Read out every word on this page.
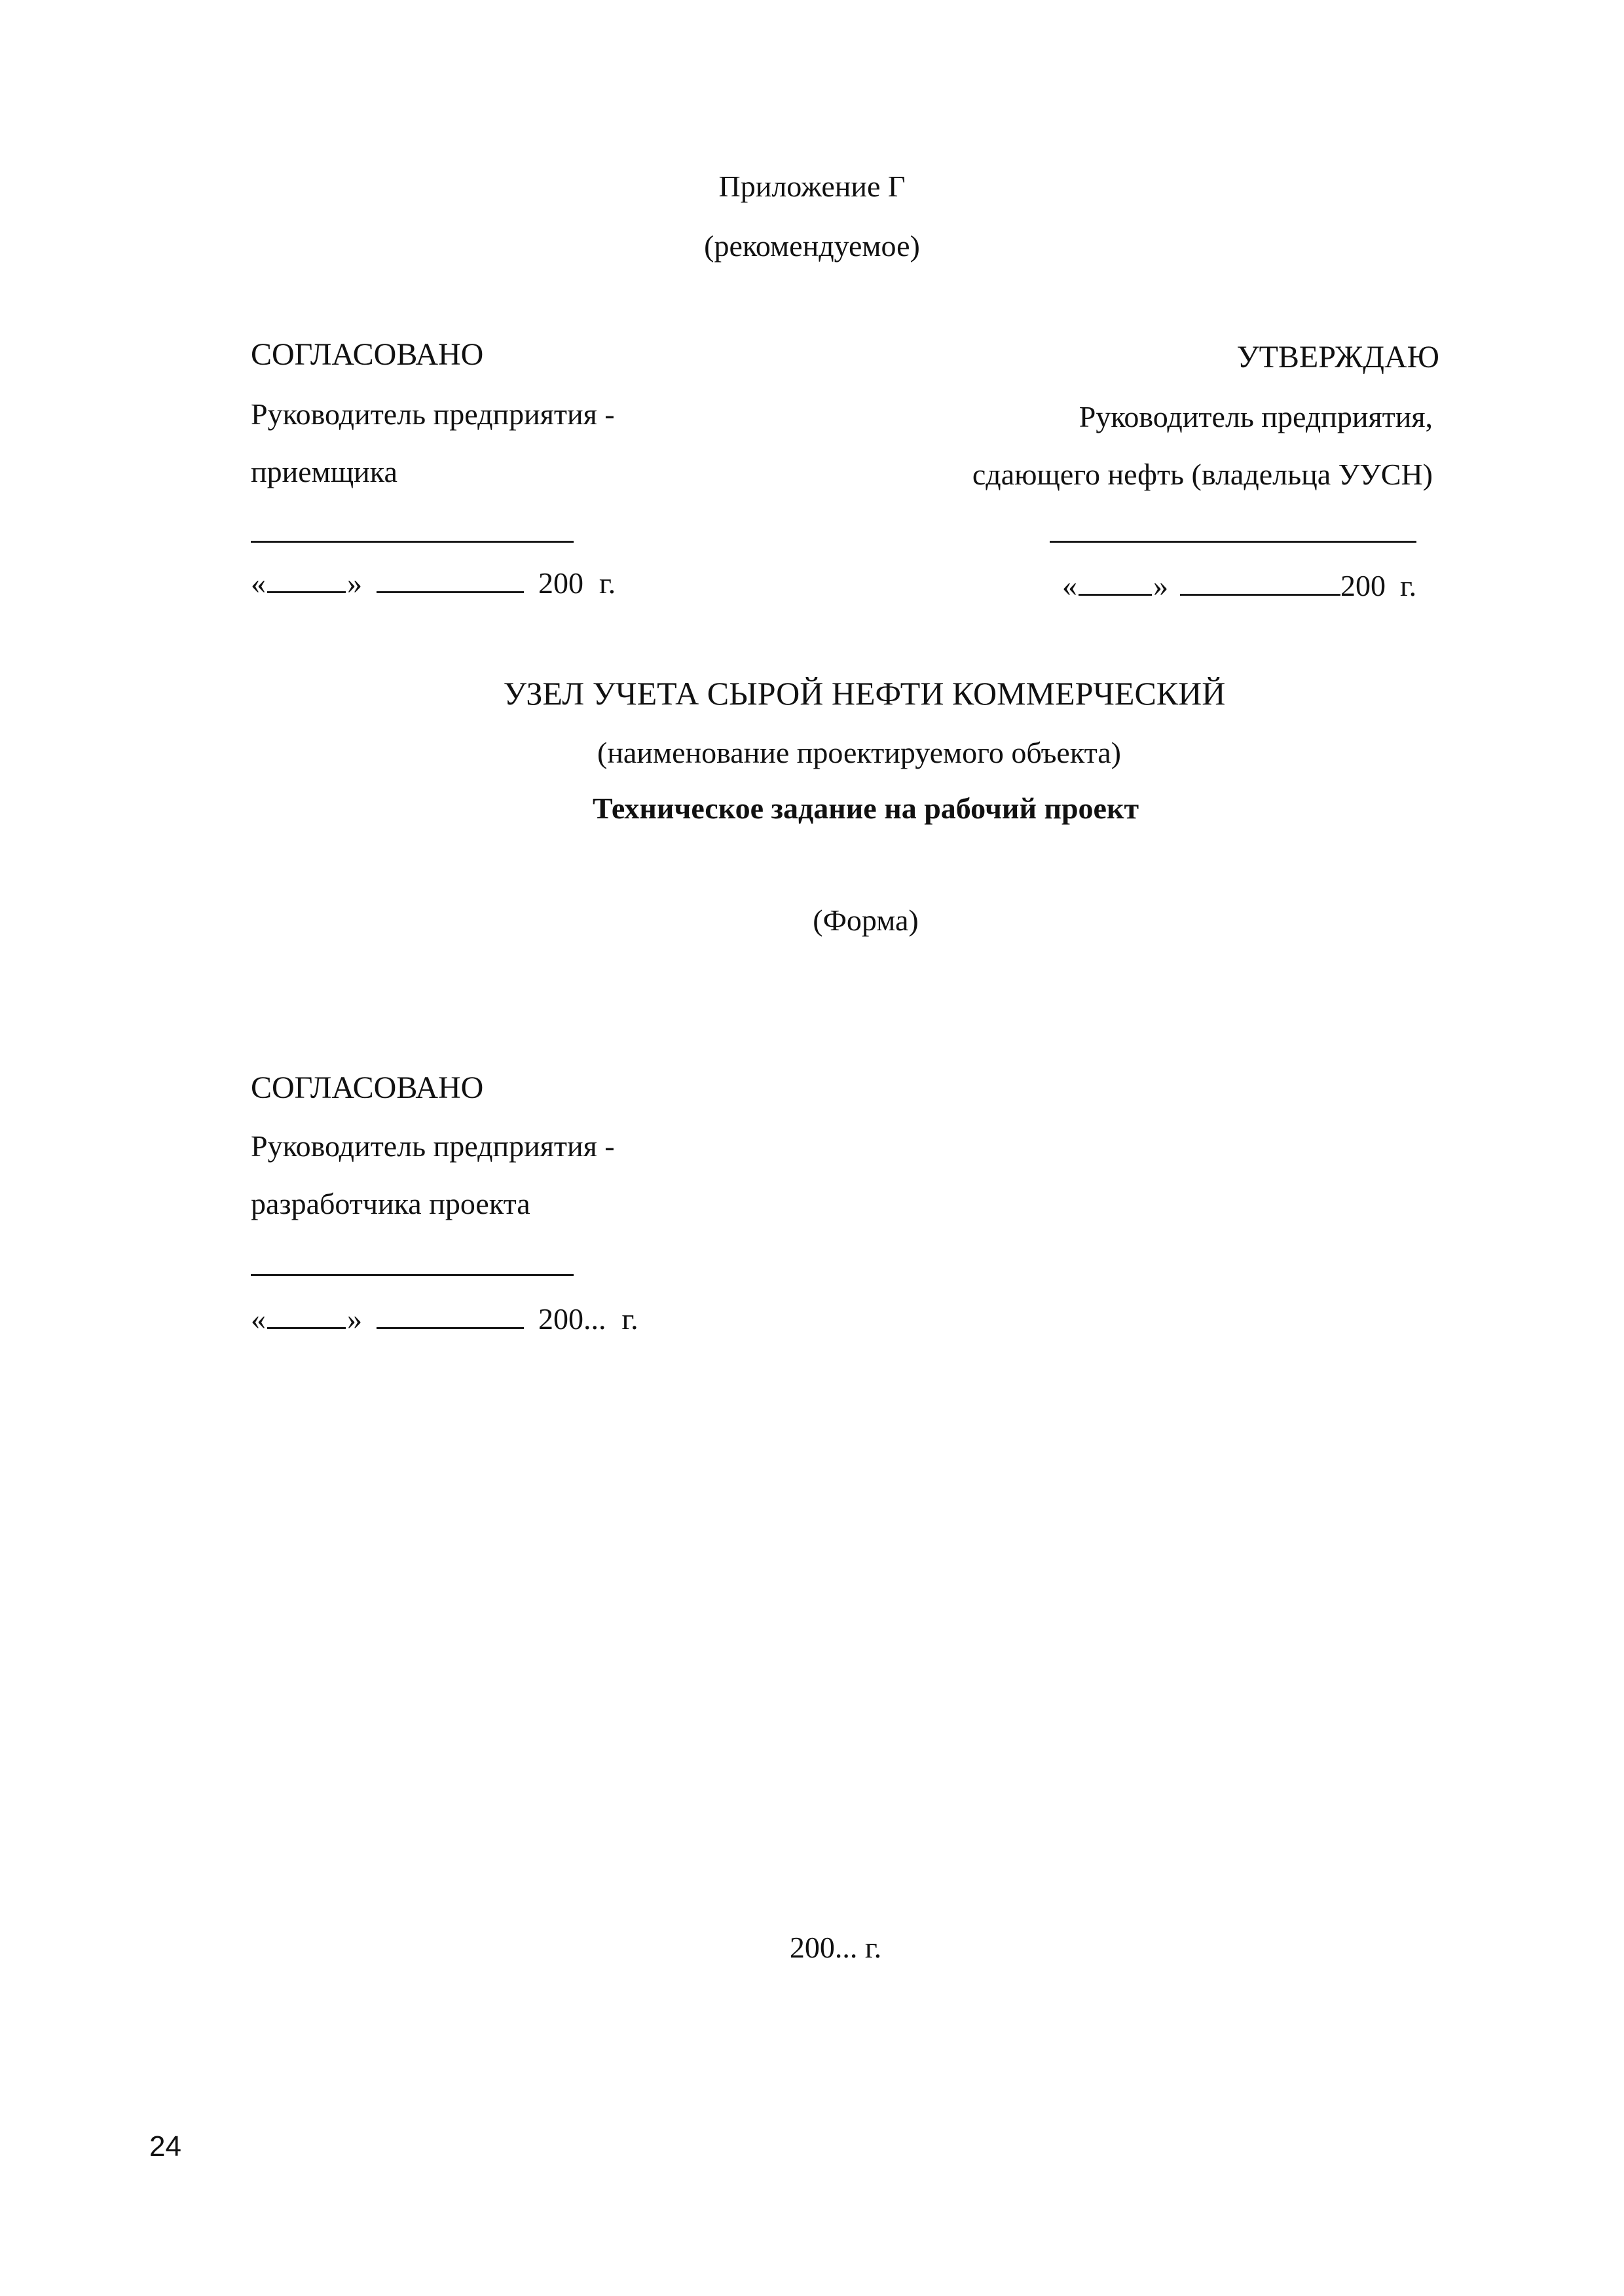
Приложение Г
(рекомендуемое)
СОГЛАСОВАНО
Руководитель предприятия -
приемщика
«	»	200 г.
УТВЕРЖДАЮ
Руководитель предприятия,
сдающего нефть (владельца УУСН)
«	»	200 г.
УЗЕЛ УЧЕТА СЫРОЙ НЕФТИ КОММЕРЧЕСКИЙ
(наименование проектируемого объекта)
Техническое задание на рабочий проект
(Форма)
СОГЛАСОВАНО
Руководитель предприятия -
разработчика проекта
«	»	200... г.
200... г.
24
